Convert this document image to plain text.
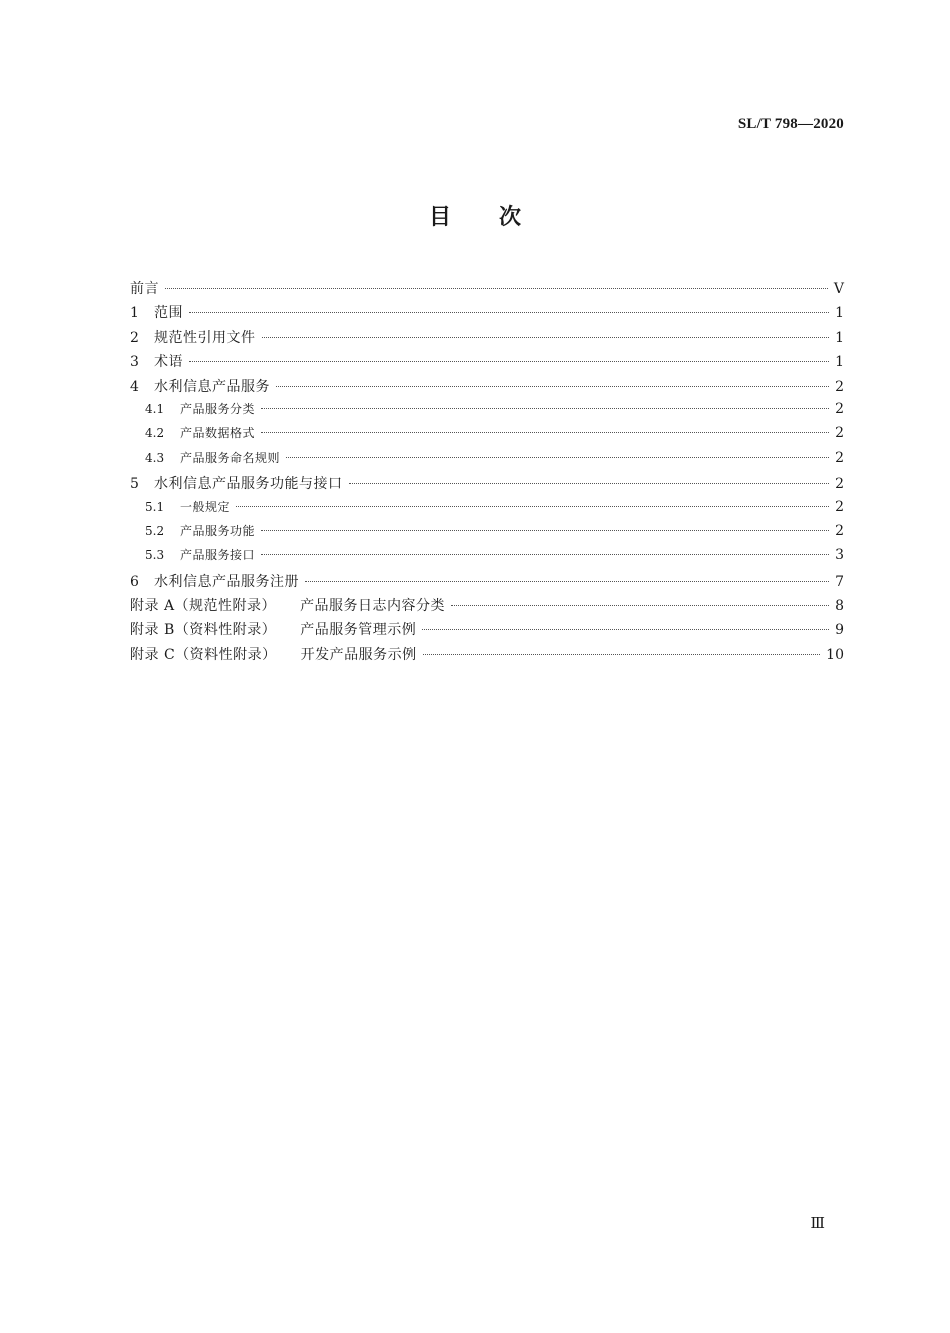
SL/T 798—2020
目 次
前言	Ⅴ
1	范围	1
2	规范性引用文件	1
3	术语	1
4	水利信息产品服务	2
4.1	产品服务分类	2
4.2	产品数据格式	2
4.3	产品服务命名规则	2
5	水利信息产品服务功能与接口	2
5.1	一般规定	2
5.2	产品服务功能	2
5.3	产品服务接口	3
6	水利信息产品服务注册	7
附录 A（规范性附录） 产品服务日志内容分类	8
附录 B（资料性附录） 产品服务管理示例	9
附录 C（资料性附录） 开发产品服务示例	10
Ⅲ
